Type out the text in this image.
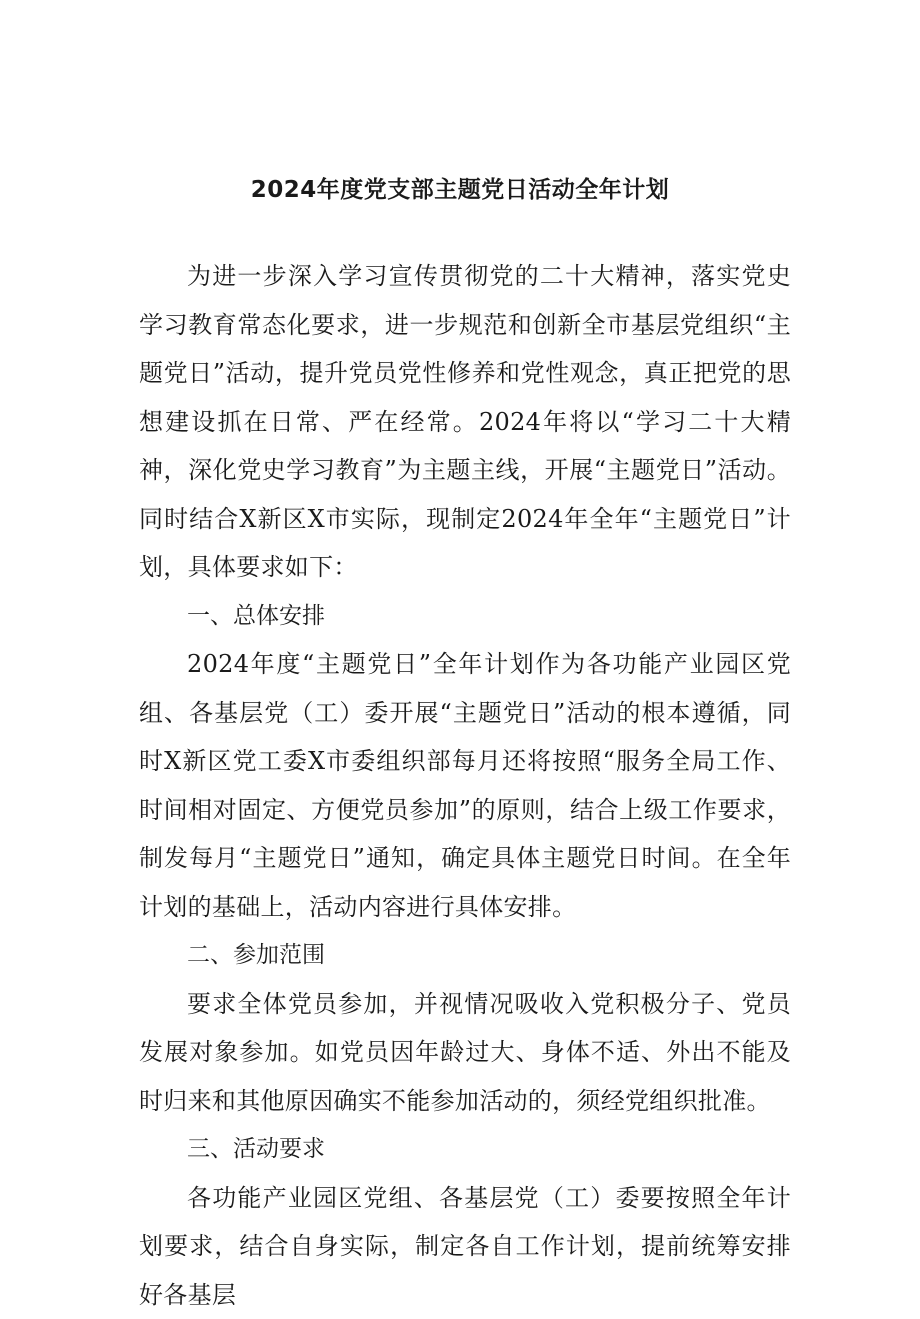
2024年度党支部主题党日活动全年计划

为进一步深入学习宣传贯彻党的二十大精神，落实党史学习教育常态化要求，进一步规范和创新全市基层党组织“主题党日”活动，提升党员党性修养和党性观念，真正把党的思想建设抓在日常、严在经常。2024年将以“学习二十大精神，深化党史学习教育”为主题主线，开展“主题党日”活动。同时结合X新区X市实际，现制定2024年全年“主题党日”计划，具体要求如下：

一、总体安排

2024年度“主题党日”全年计划作为各功能产业园区党组、各基层党（工）委开展“主题党日”活动的根本遵循，同时X新区党工委X市委组织部每月还将按照“服务全局工作、时间相对固定、方便党员参加”的原则，结合上级工作要求，制发每月“主题党日”通知，确定具体主题党日时间。在全年计划的基础上，活动内容进行具体安排。

二、参加范围

要求全体党员参加，并视情况吸收入党积极分子、党员发展对象参加。如党员因年龄过大、身体不适、外出不能及时归来和其他原因确实不能参加活动的，须经党组织批准。

三、活动要求

各功能产业园区党组、各基层党（工）委要按照全年计划要求，结合自身实际，制定各自工作计划，提前统筹安排好各基层
